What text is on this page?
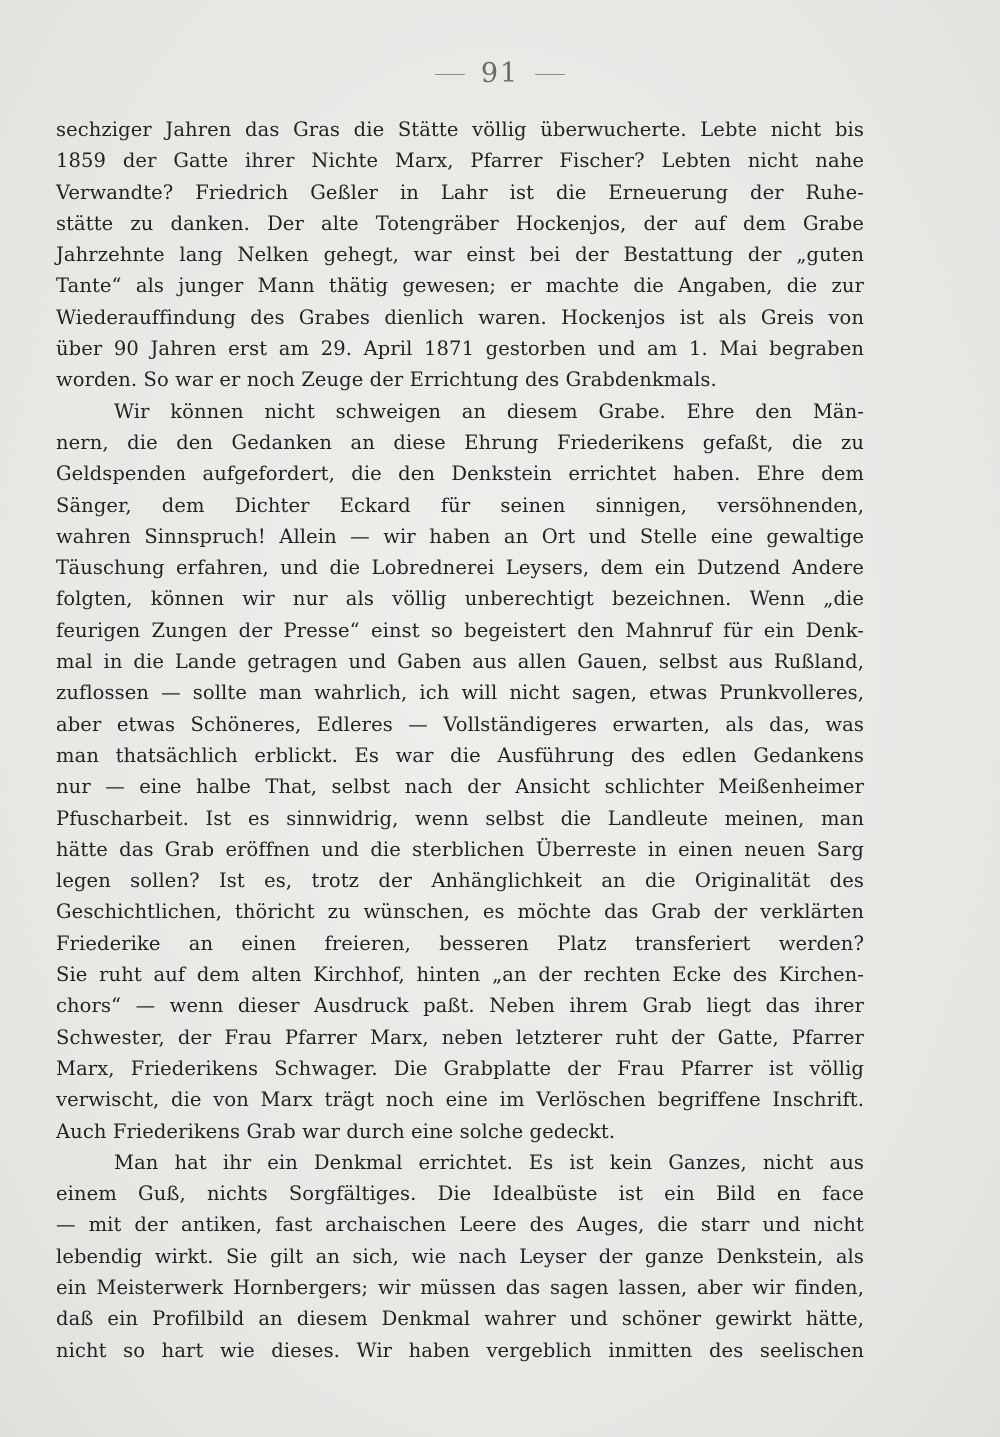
91
sechziger Jahren das Gras die Stätte völlig überwucherte. Lebte nicht bis
1859 der Gatte ihrer Nichte Marx, Pfarrer Fischer? Lebten nicht nahe
Verwandte? Friedrich Geßler in Lahr ist die Erneuerung der Ruhe-
stätte zu danken. Der alte Totengräber Hockenjos, der auf dem Grabe
Jahrzehnte lang Nelken gehegt, war einst bei der Bestattung der „guten
Tante“ als junger Mann thätig gewesen; er machte die Angaben, die zur
Wiederauffindung des Grabes dienlich waren. Hockenjos ist als Greis von
über 90 Jahren erst am 29. April 1871 gestorben und am 1. Mai begraben
worden. So war er noch Zeuge der Errichtung des Grabdenkmals.
Wir können nicht schweigen an diesem Grabe. Ehre den Män-
nern, die den Gedanken an diese Ehrung Friederikens gefaßt, die zu
Geldspenden aufgefordert, die den Denkstein errichtet haben. Ehre dem
Sänger, dem Dichter Eckard für seinen sinnigen, versöhnenden,
wahren Sinnspruch! Allein — wir haben an Ort und Stelle eine gewaltige
Täuschung erfahren, und die Lobrednerei Leysers, dem ein Dutzend Andere
folgten, können wir nur als völlig unberechtigt bezeichnen. Wenn „die
feurigen Zungen der Presse“ einst so begeistert den Mahnruf für ein Denk-
mal in die Lande getragen und Gaben aus allen Gauen, selbst aus Rußland,
zuflossen — sollte man wahrlich, ich will nicht sagen, etwas Prunkvolleres,
aber etwas Schöneres, Edleres — Vollständigeres erwarten, als das, was
man thatsächlich erblickt. Es war die Ausführung des edlen Gedankens
nur — eine halbe That, selbst nach der Ansicht schlichter Meißenheimer
Pfuscharbeit. Ist es sinnwidrig, wenn selbst die Landleute meinen, man
hätte das Grab eröffnen und die sterblichen Überreste in einen neuen Sarg
legen sollen? Ist es, trotz der Anhänglichkeit an die Originalität des
Geschichtlichen, thöricht zu wünschen, es möchte das Grab der verklärten
Friederike an einen freieren, besseren Platz transferiert werden?
Sie ruht auf dem alten Kirchhof, hinten „an der rechten Ecke des Kirchen-
chors“ — wenn dieser Ausdruck paßt. Neben ihrem Grab liegt das ihrer
Schwester, der Frau Pfarrer Marx, neben letzterer ruht der Gatte, Pfarrer
Marx, Friederikens Schwager. Die Grabplatte der Frau Pfarrer ist völlig
verwischt, die von Marx trägt noch eine im Verlöschen begriffene Inschrift.
Auch Friederikens Grab war durch eine solche gedeckt.
Man hat ihr ein Denkmal errichtet. Es ist kein Ganzes, nicht aus
einem Guß, nichts Sorgfältiges. Die Idealbüste ist ein Bild en face
— mit der antiken, fast archaischen Leere des Auges, die starr und nicht
lebendig wirkt. Sie gilt an sich, wie nach Leyser der ganze Denkstein, als
ein Meisterwerk Hornbergers; wir müssen das sagen lassen, aber wir finden,
daß ein Profilbild an diesem Denkmal wahrer und schöner gewirkt hätte,
nicht so hart wie dieses. Wir haben vergeblich inmitten des seelischen
